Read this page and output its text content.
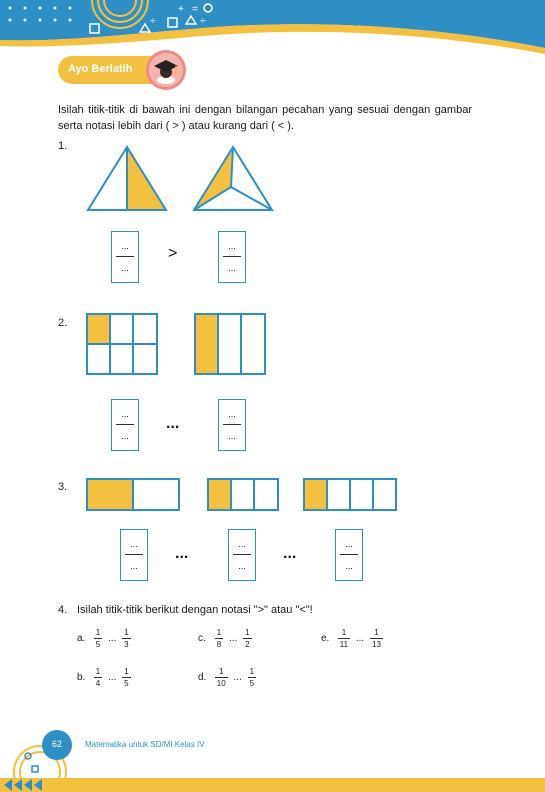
+ =
÷	÷
Ayo Berlatih
Isilah titik-titik di bawah ini dengan bilangan pecahan yang sesuai dengan gambar serta notasi lebih dari ( > ) atau kurang dari ( < ).
1.
...
...
>	...
...
2.
...
...
...
...
...
3.
...
...
...
...
...
...
...
...
4. Isilah titik-titik berikut dengan notasi ">" atau "<"!
a. $\frac{1}{5}$ ... $\frac{1}{3}$
b. $\frac{1}{4}$ ... $\frac{1}{5}$
c. $\frac{1}{8}$ ... $\frac{1}{2}$
d. $\frac{1}{10}$ ... $\frac{1}{5}$
e. $\frac{1}{11}$ ... $\frac{1}{13}$
62	Matematika untuk SD/MI Kelas IV
